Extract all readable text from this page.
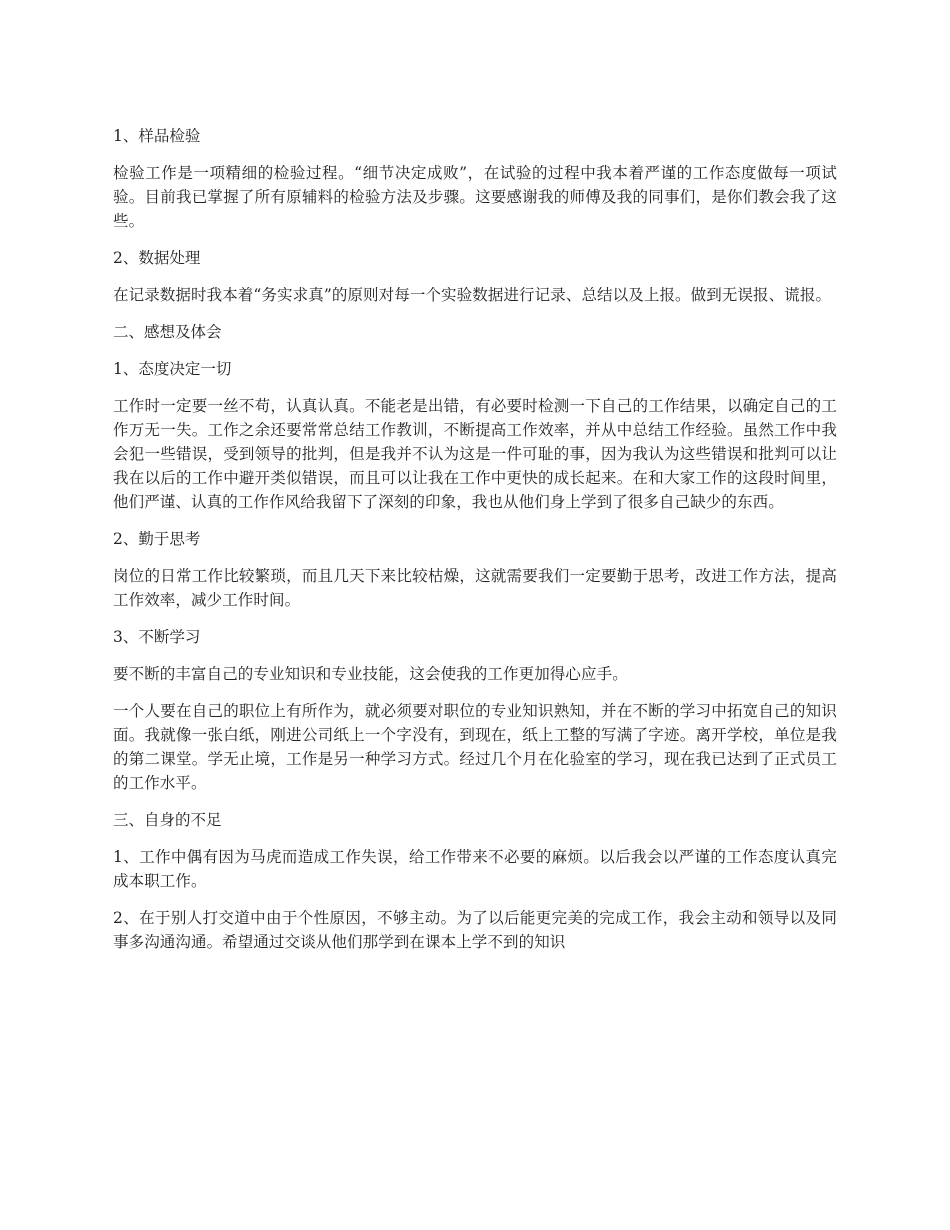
1、样品检验

检验工作是一项精细的检验过程。“细节决定成败”，在试验的过程中我本着严谨的工作态度做每一项试验。目前我已掌握了所有原辅料的检验方法及步骤。这要感谢我的师傅及我的同事们，是你们教会我了这些。

2、数据处理

在记录数据时我本着“务实求真”的原则对每一个实验数据进行记录、总结以及上报。做到无误报、谎报。

二、感想及体会

1、态度决定一切

工作时一定要一丝不苟，认真认真。不能老是出错，有必要时检测一下自己的工作结果，以确定自己的工作万无一失。工作之余还要常常总结工作教训，不断提高工作效率，并从中总结工作经验。虽然工作中我会犯一些错误，受到领导的批判，但是我并不认为这是一件可耻的事，因为我认为这些错误和批判可以让我在以后的工作中避开类似错误，而且可以让我在工作中更快的成长起来。在和大家工作的这段时间里，他们严谨、认真的工作作风给我留下了深刻的印象，我也从他们身上学到了很多自己缺少的东西。

2、勤于思考

岗位的日常工作比较繁琐，而且几天下来比较枯燥，这就需要我们一定要勤于思考，改进工作方法，提高工作效率，减少工作时间。

3、不断学习

要不断的丰富自己的专业知识和专业技能，这会使我的工作更加得心应手。

一个人要在自己的职位上有所作为，就必须要对职位的专业知识熟知，并在不断的学习中拓宽自己的知识面。我就像一张白纸，刚进公司纸上一个字没有，到现在，纸上工整的写满了字迹。离开学校，单位是我的第二课堂。学无止境，工作是另一种学习方式。经过几个月在化验室的学习，现在我已达到了正式员工的工作水平。

三、自身的不足

1、工作中偶有因为马虎而造成工作失误，给工作带来不必要的麻烦。以后我会以严谨的工作态度认真完成本职工作。

2、在于别人打交道中由于个性原因，不够主动。为了以后能更完美的完成工作，我会主动和领导以及同事多沟通沟通。希望通过交谈从他们那学到在课本上学不到的知识
